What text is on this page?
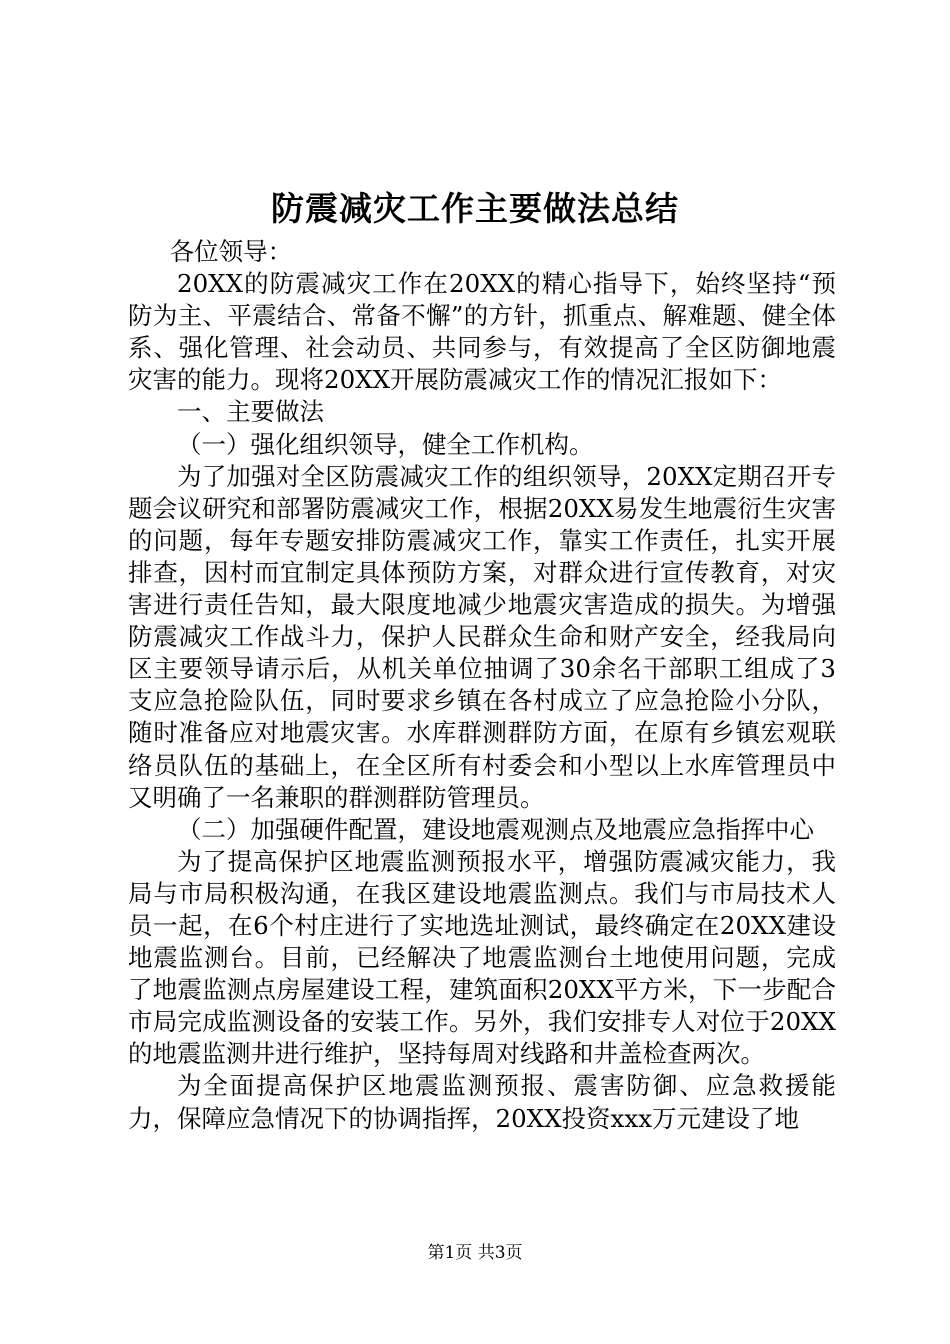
防震减灾工作主要做法总结

各位领导：

20XX的防震减灾工作在20XX的精心指导下，始终坚持“预防为主、平震结合、常备不懈”的方针，抓重点、解难题、健全体系、强化管理、社会动员、共同参与，有效提高了全区防御地震灾害的能力。现将20XX开展防震减灾工作的情况汇报如下：

一、主要做法

（一）强化组织领导，健全工作机构。

为了加强对全区防震减灾工作的组织领导，20XX定期召开专题会议研究和部署防震减灾工作，根据20XX易发生地震衍生灾害的问题，每年专题安排防震减灾工作，靠实工作责任，扎实开展排查，因村而宜制定具体预防方案，对群众进行宣传教育，对灾害进行责任告知，最大限度地减少地震灾害造成的损失。为增强防震减灾工作战斗力，保护人民群众生命和财产安全，经我局向区主要领导请示后，从机关单位抽调了30余名干部职工组成了3支应急抢险队伍，同时要求乡镇在各村成立了应急抢险小分队，随时准备应对地震灾害。水库群测群防方面，在原有乡镇宏观联络员队伍的基础上，在全区所有村委会和小型以上水库管理员中又明确了一名兼职的群测群防管理员。

（二）加强硬件配置，建设地震观测点及地震应急指挥中心

为了提高保护区地震监测预报水平，增强防震减灾能力，我局与市局积极沟通，在我区建设地震监测点。我们与市局技术人员一起，在6个村庄进行了实地选址测试，最终确定在20XX建设地震监测台。目前，已经解决了地震监测台土地使用问题，完成了地震监测点房屋建设工程，建筑面积20XX平方米，下一步配合市局完成监测设备的安装工作。另外，我们安排专人对位于20XX的地震监测井进行维护，坚持每周对线路和井盖检查两次。

为全面提高保护区地震监测预报、震害防御、应急救援能力，保障应急情况下的协调指挥，20XX投资xxx万元建设了地

第1页 共3页
